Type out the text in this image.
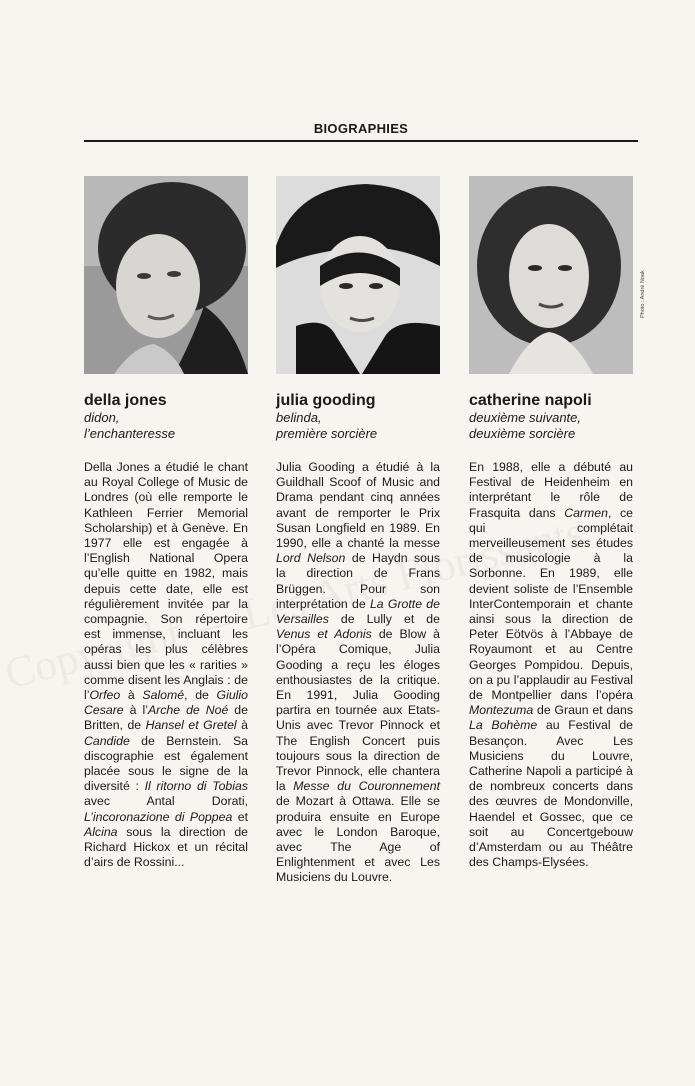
BIOGRAPHIES
della jones
didon,
l’enchanteresse
Della Jones a étudié le chant au Royal College of Music de Londres (où elle remporte le Kathleen Ferrier Memorial Scholarship) et à Genève. En 1977 elle est engagée à l’English National Opera qu’elle quitte en 1982, mais depuis cette date, elle est régulièrement invitée par la compagnie. Son répertoire est immense, incluant les opéras les plus célèbres aussi bien que les « rarities » comme disent les Anglais : de l’Orfeo à Salomé, de Giulio Cesare à l’Arche de Noé de Britten, de Hansel et Gretel à Candide de Bernstein. Sa discographie est également placée sous le signe de la diversité : Il ritorno di Tobias avec Antal Dorati, L’incoronazione di Poppea et Alcina sous la direction de Richard Hickox et un récital d’airs de Rossini...
julia gooding
belinda,
première sorcière
Julia Gooding a étudié à la Guildhall Scoof of Music and Drama pendant cinq années avant de remporter le Prix Susan Longfield en 1989. En 1990, elle a chanté la messe Lord Nelson de Haydn sous la direction de Frans Brüggen. Pour son interprétation de La Grotte de Versailles de Lully et de Venus et Adonis de Blow à l’Opéra Comique, Julia Gooding a reçu les éloges enthousiastes de la critique. En 1991, Julia Gooding partira en tournée aux Etats-Unis avec Trevor Pinnock et The English Concert puis toujours sous la direction de Trevor Pinnock, elle chantera la Messe du Couronnement de Mozart à Ottawa. Elle se produira ensuite en Europe avec le London Baroque, avec The Age of Enlightenment et avec Les Musiciens du Louvre.
catherine napoli
deuxième suivante,
deuxième sorcière
En 1988, elle a débuté au Festival de Heidenheim en interprétant le rôle de Frasquita dans Carmen, ce qui complétait merveilleusement ses études de musicologie à la Sorbonne. En 1989, elle devient soliste de l’Ensemble InterContemporain et chante ainsi sous la direction de Peter Eötvös à l’Abbaye de Royaumont et au Centre Georges Pompidou. Depuis, on a pu l’applaudir au Festival de Montpellier dans l’opéra Montezuma de Graun et dans La Bohème au Festival de Besançon. Avec Les Musiciens du Louvre, Catherine Napoli a participé à de nombreux concerts dans des œuvres de Mondonville, Haendel et Gossec, que ce soit au Concertgebouw d’Amsterdam ou au Théâtre des Champs-Elysées.
Photo : André Noak
